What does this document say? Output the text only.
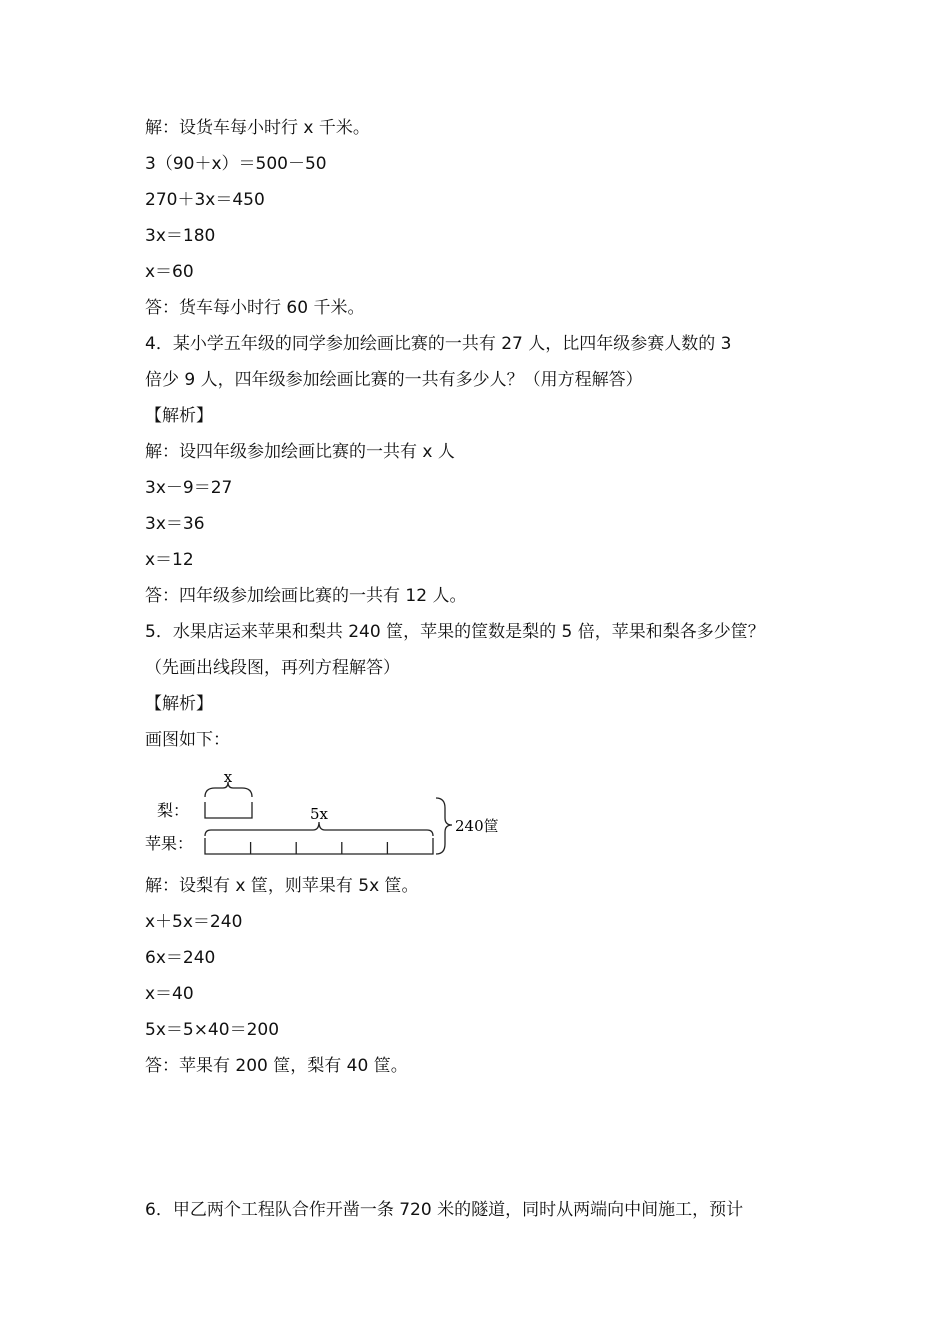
解：设货车每小时行 x 千米。
3（90＋x）＝500－50
270＋3x＝450
3x＝180
x＝60
答：货车每小时行 60 千米。
4．某小学五年级的同学参加绘画比赛的一共有 27 人，比四年级参赛人数的 3
倍少 9 人，四年级参加绘画比赛的一共有多少人？（用方程解答）
【解析】
解：设四年级参加绘画比赛的一共有 x 人
3x－9＝27
3x＝36
x＝12
答：四年级参加绘画比赛的一共有 12 人。
5．水果店运来苹果和梨共 240 筐，苹果的筐数是梨的 5 倍，苹果和梨各多少筐？
（先画出线段图，再列方程解答）
【解析】
画图如下：
x
梨：	5x
苹果：
240筐
解：设梨有 x 筐，则苹果有 5x 筐。
x＋5x＝240
6x＝240
x＝40
5x＝5×40＝200
答：苹果有 200 筐，梨有 40 筐。
6．甲乙两个工程队合作开凿一条 720 米的隧道，同时从两端向中间施工，预计
